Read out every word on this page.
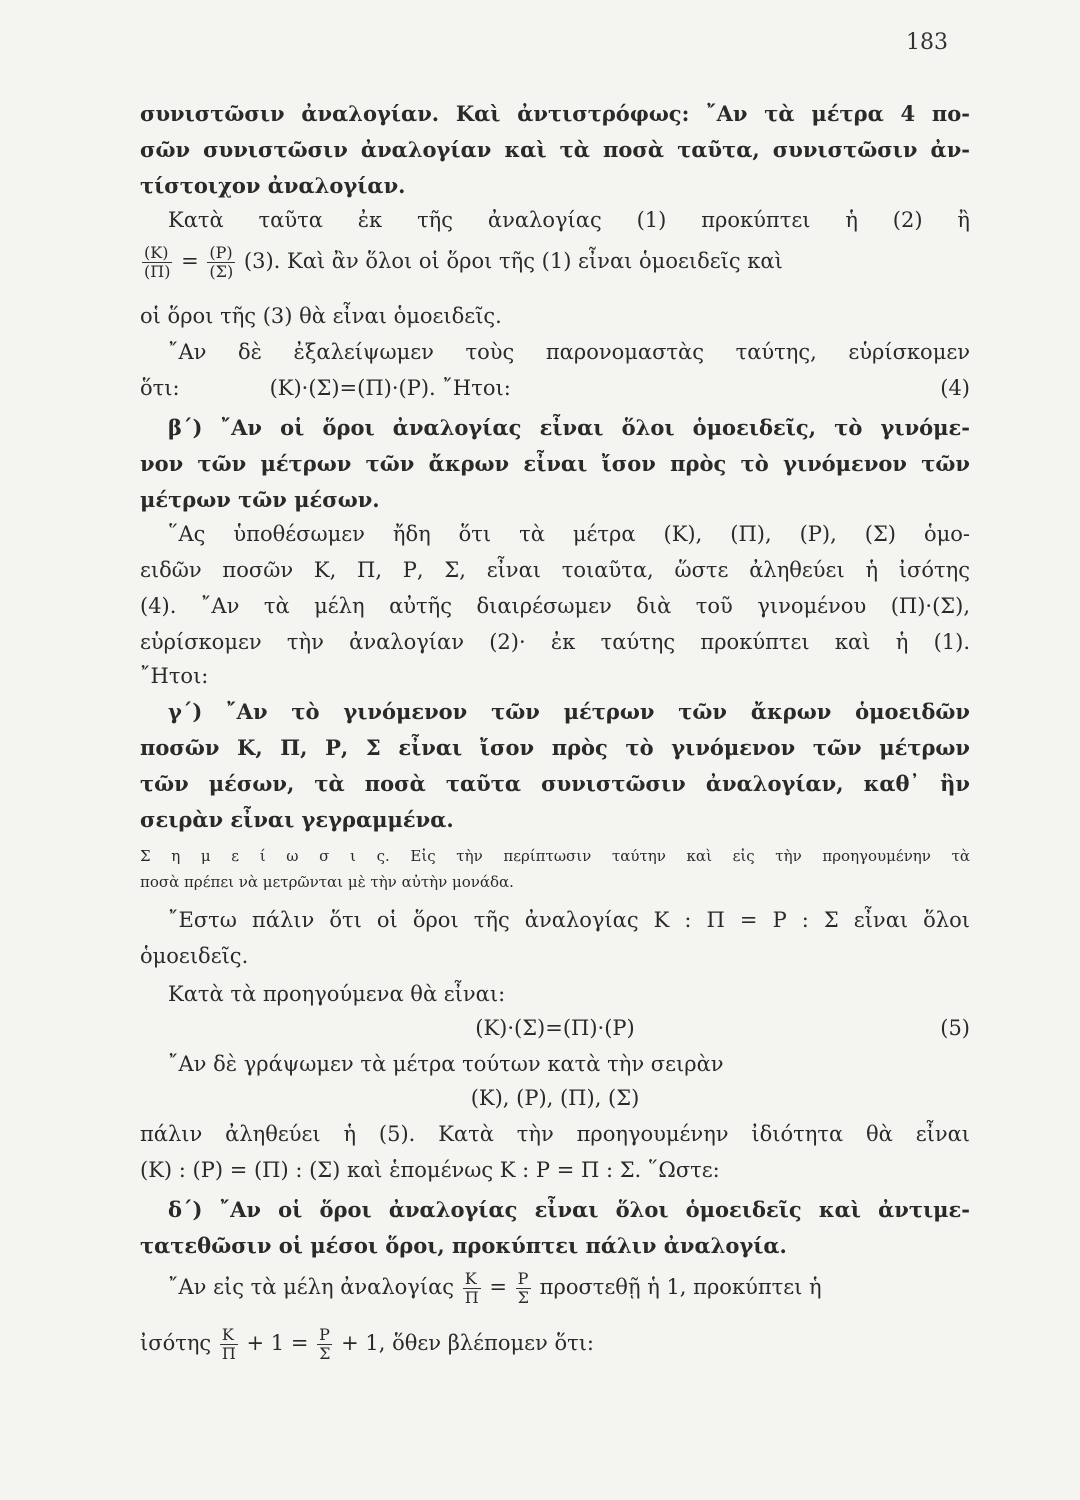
183
συνιστῶσιν ἀναλογίαν. Καὶ ἀντιστρόφως: ῎Αν τὰ μέτρα 4 πο-
σῶν συνιστῶσιν ἀναλογίαν καὶ τὰ ποσὰ ταῦτα, συνιστῶσιν ἀν-
τίστοιχον ἀναλογίαν.
Κατὰ ταῦτα ἐκ τῆς ἀναλογίας (1) προκύπτει ἡ (2) ἢ
$\frac{(K)}{(\Pi)} = \frac{(P)}{(\Sigma)} (3)$. Καὶ ἂν ὅλοι οἱ ὅροι τῆς (1) εἶναι ὁμοειδεῖς καὶ
οἱ ὅροι τῆς (3) θὰ εἶναι ὁμοειδεῖς.
῎Αν δὲ ἐξαλείψωμεν τοὺς παρονομαστὰς ταύτης, εὑρίσκομεν
ὅτι:	(Κ)·(Σ)=(Π)·(Ρ). ῎Ητοι:	(4)
β΄) ῎Αν οἱ ὅροι ἀναλογίας εἶναι ὅλοι ὁμοειδεῖς, τὸ γινόμε-
νον τῶν μέτρων τῶν ἄκρων εἶναι ἴσον πρὸς τὸ γινόμενον τῶν
μέτρων τῶν μέσων.
῞Ας ὑποθέσωμεν ἤδη ὅτι τὰ μέτρα (Κ), (Π), (Ρ), (Σ) ὁμο-
ειδῶν ποσῶν Κ, Π, Ρ, Σ, εἶναι τοιαῦτα, ὥστε ἀληθεύει ἡ ἰσότης
(4). ῎Αν τὰ μέλη αὐτῆς διαιρέσωμεν διὰ τοῦ γινομένου (Π)·(Σ),
εὑρίσκομεν τὴν ἀναλογίαν (2)· ἐκ ταύτης προκύπτει καὶ ἡ (1).
῎Ητοι:
γ΄) ῎Αν τὸ γινόμενον τῶν μέτρων τῶν ἄκρων ὁμοειδῶν
ποσῶν Κ, Π, Ρ, Σ εἶναι ἴσον πρὸς τὸ γινόμενον τῶν μέτρων
τῶν μέσων, τὰ ποσὰ ταῦτα συνιστῶσιν ἀναλογίαν, καθ᾿ ἣν
σειρὰν εἶναι γεγραμμένα.
Σ η μ ε ί ω σ ι ς. Εἰς τὴν περίπτωσιν ταύτην καὶ εἰς τὴν προηγουμένην τὰ
ποσὰ πρέπει νὰ μετρῶνται μὲ τὴν αὐτὴν μονάδα.
῎Εστω πάλιν ὅτι οἱ ὅροι τῆς ἀναλογίας Κ : Π = Ρ : Σ εἶναι ὅλοι
ὁμοειδεῖς.
Κατὰ τὰ προηγούμενα θὰ εἶναι:
(Κ)·(Σ)=(Π)·(Ρ)	(5)
῎Αν δὲ γράψωμεν τὰ μέτρα τούτων κατὰ τὴν σειρὰν
(Κ), (Ρ), (Π), (Σ)
πάλιν ἀληθεύει ἡ (5). Κατὰ τὴν προηγουμένην ἰδιότητα θὰ εἶναι
(Κ) : (Ρ) = (Π) : (Σ) καὶ ἑπομένως Κ : Ρ = Π : Σ. ῞Ωστε:
δ΄) ῎Αν οἱ ὅροι ἀναλογίας εἶναι ὅλοι ὁμοειδεῖς καὶ ἀντιμε-
τατεθῶσιν οἱ μέσοι ὅροι, προκύπτει πάλιν ἀναλογία.
῎Αν εἰς τὰ μέλη ἀναλογίας $\frac{K}{\Pi} = \frac{P}{\Sigma}$ προστεθῇ ἡ 1, προκύπτει ἡ
ἰσότης $\frac{K}{\Pi} + 1 = \frac{P}{\Sigma} + 1$, ὅθεν βλέπομεν ὅτι:
